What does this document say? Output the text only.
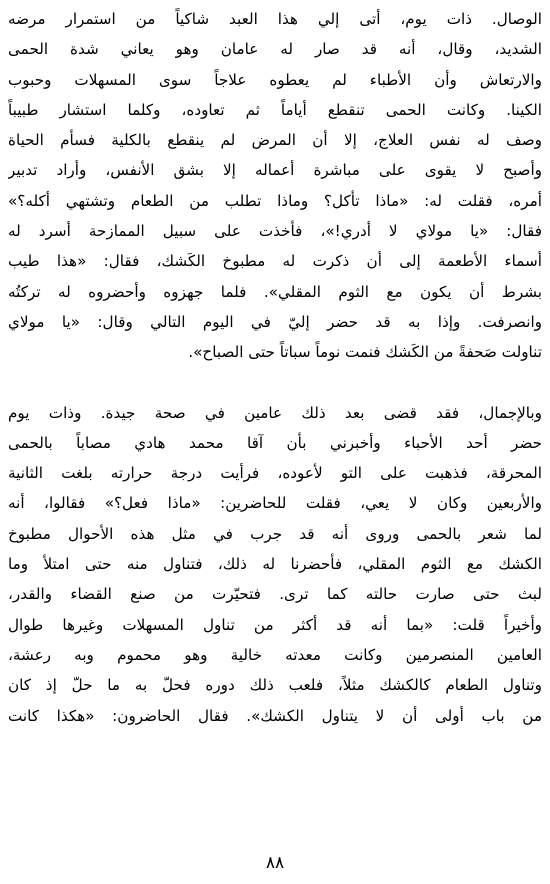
الوصال. ذات يوم، أتى إلي هذا العبد شاكياً من استمرار مرضه
الشديد، وقال، أنه قد صار له عامان وهو يعاني شدة الحمى
والارتعاش وأن الأطباء لم يعطوه علاجاً سوى المسهلات وحبوب
الكينا. وكانت الحمى تنقطع أياماً ثم تعاوده، وكلما استشار طبيباً
وصف له نفس العلاج، إلا أن المرض لم ينقطع بالكلية فسأم الحياة
وأصبح لا يقوى على مباشرة أعماله إلا بشق الأنفس، وأراد تدبير
أمره، فقلت له: «ماذا تأكل؟ وماذا تطلب من الطعام وتشتهي أكله؟»
فقال: «يا مولاي لا أدري!»، فأخذت على سبيل الممازحة أسرد له
أسماء الأطعمة إلى أن ذكرت له مطبوخ الكَشك، فقال: «هذا طيب
بشرط أن يكون مع الثوم المقلي». فلما جهزوه وأحضروه له تركتُه
وانصرفت. وإذا به قد حضر إليّ في اليوم التالي وقال: «يا مولاي
تناولت صَحفةً من الكَشك فنمت نوماً سباتاً حتى الصباح».
وبالإجمال، فقد قضى بعد ذلك عامين في صحة جيدة. وذات يوم
حضر أحد الأحباء وأخبرني بأن آقا محمد هادي مصاباً بالحمى
المحرقة، فذهبت على التو لأعوده، فرأيت درجة حرارته بلغت الثانية
والأربعين وكان لا يعي، فقلت للحاضرين: «ماذا فعل؟» فقالوا، أنه
لما شعر بالحمى وروى أنه قد جرب في مثل هذه الأحوال مطبوخ
الكشك مع الثوم المقلي، فأحضرنا له ذلك، فتناول منه حتى امتلأ وما
لبث حتى صارت حالته كما ترى. فتحيّرت من صنع القضاء والقدر،
وأخيراً قلت: «بما أنه قد أكثر من تناول المسهلات وغيرها طوال
العامين المنصرمين وكانت معدته خالية وهو محموم وبه رعشة،
وتناول الطعام كالكشك مثلاً، فلعب ذلك دوره فحلّ به ما حلّ إذ كان
من باب أولى أن لا يتناول الكشك». فقال الحاضرون: «هكذا كانت
٨٨
